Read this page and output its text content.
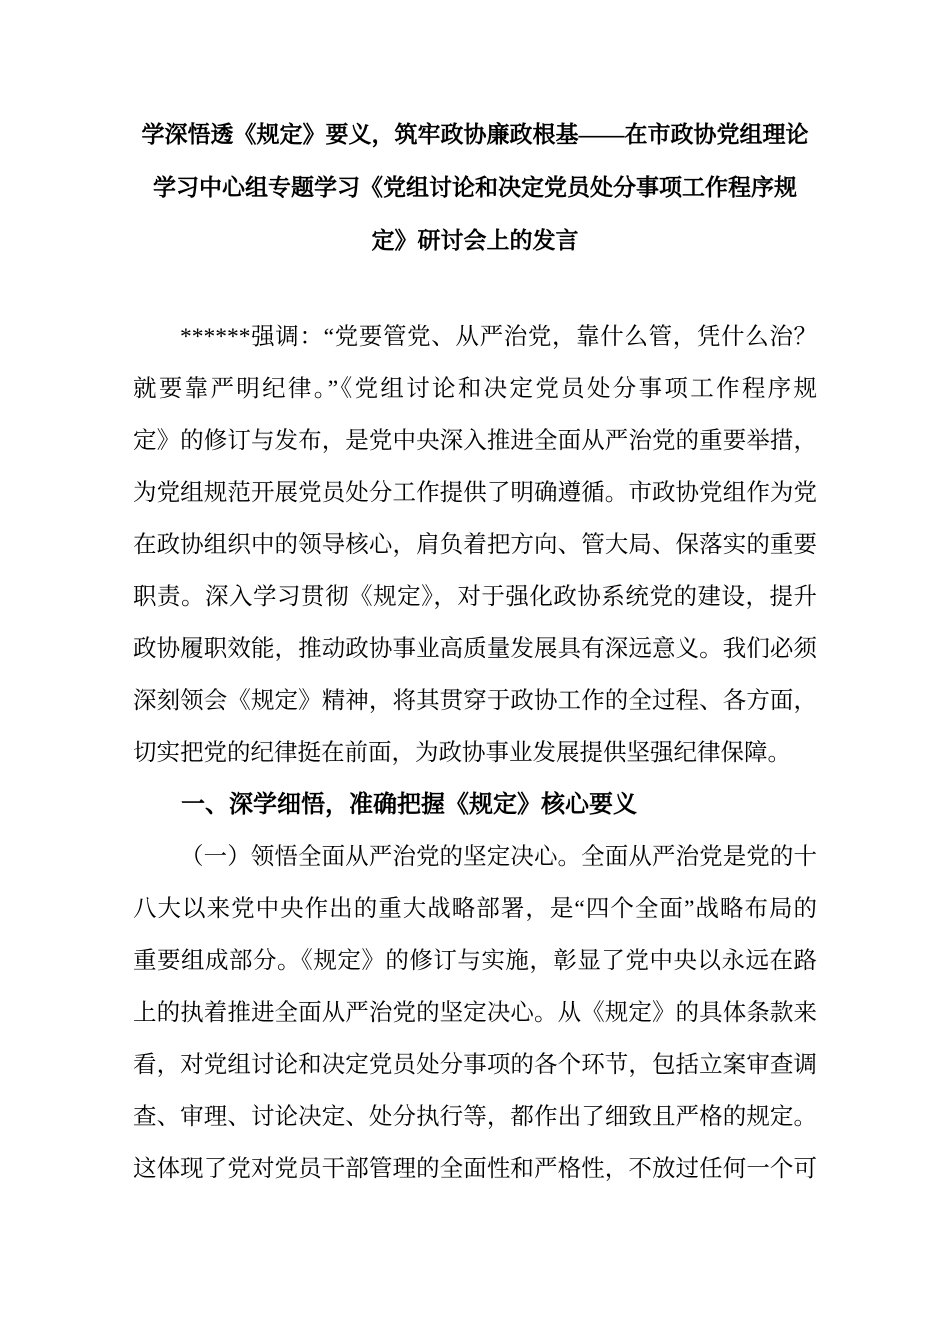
学深悟透《规定》要义，筑牢政协廉政根基——在市政协党组理论
学习中心组专题学习《党组讨论和决定党员处分事项工作程序规
定》研讨会上的发言
******强调：“党要管党、从严治党，靠什么管，凭什么治？
就要靠严明纪律。”《党组讨论和决定党员处分事项工作程序规
定》的修订与发布，是党中央深入推进全面从严治党的重要举措，
为党组规范开展党员处分工作提供了明确遵循。市政协党组作为党
在政协组织中的领导核心，肩负着把方向、管大局、保落实的重要
职责。深入学习贯彻《规定》，对于强化政协系统党的建设，提升
政协履职效能，推动政协事业高质量发展具有深远意义。我们必须
深刻领会《规定》精神，将其贯穿于政协工作的全过程、各方面，
切实把党的纪律挺在前面，为政协事业发展提供坚强纪律保障。
一、深学细悟，准确把握《规定》核心要义
（一）领悟全面从严治党的坚定决心。全面从严治党是党的十
八大以来党中央作出的重大战略部署，是“四个全面”战略布局的
重要组成部分。《规定》的修订与实施，彰显了党中央以永远在路
上的执着推进全面从严治党的坚定决心。从《规定》的具体条款来
看，对党组讨论和决定党员处分事项的各个环节，包括立案审查调
查、审理、讨论决定、处分执行等，都作出了细致且严格的规定。
这体现了党对党员干部管理的全面性和严格性，不放过任何一个可
